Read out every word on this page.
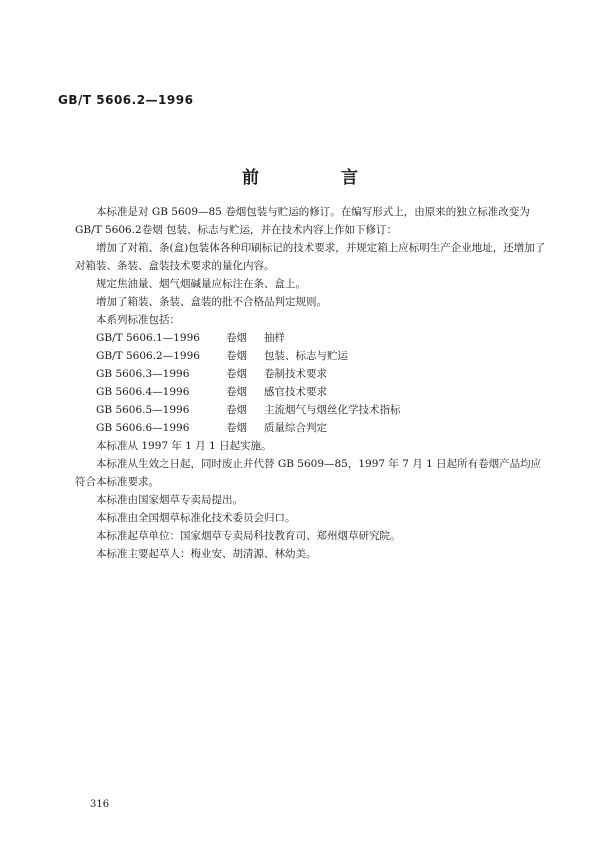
GB/T 5606.2—1996
前 言

本标准是对 GB 5609—85 卷烟包装与贮运的修订。在编写形式上，由原来的独立标准改变为 GB/T 5606.2卷烟 包装、标志与贮运，并在技术内容上作如下修订：

增加了对箱、条(盒)包装体各种印刷标记的技术要求，并规定箱上应标明生产企业地址，还增加了对箱装、条装、盒装技术要求的量化内容。

规定焦油量、烟气烟碱量应标注在条、盒上。

增加了箱装、条装、盒装的批不合格品判定规则。

本系列标准包括：

GB/T 5606.1—1996 卷烟 抽样

GB/T 5606.2—1996 卷烟 包装、标志与贮运

GB 5606.3—1996	卷烟 卷制技术要求

GB 5606.4—1996	卷烟 感官技术要求

GB 5606.5—1996	卷烟 主流烟气与烟丝化学技术指标

GB 5606.6—1996	卷烟 质量综合判定

本标准从 1997 年 1 月 1 日起实施。

本标准从生效之日起，同时废止并代替 GB 5609—85，1997 年 7 月 1 日起所有卷烟产品均应符合本标准要求。

本标准由国家烟草专卖局提出。

本标准由全国烟草标准化技术委员会归口。

本标准起草单位：国家烟草专卖局科技教育司、郑州烟草研究院。

本标准主要起草人：梅业安、胡清源、林幼美。

316
